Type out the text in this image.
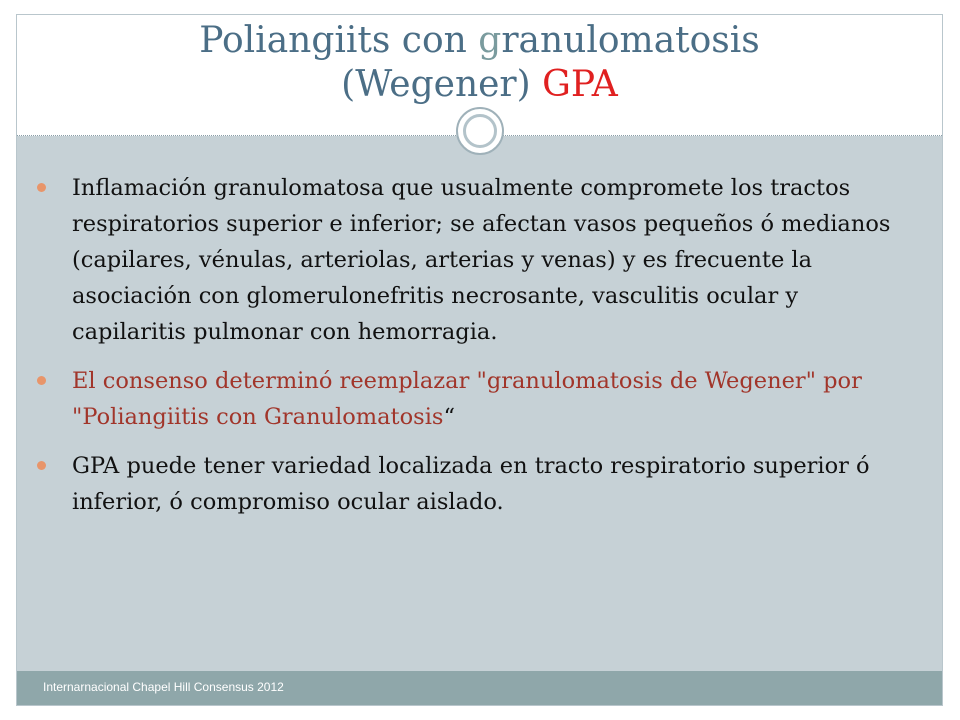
Poliangiits con granulomatosis
(Wegener) GPA
Inflamación granulomatosa que usualmente compromete los tractos respiratorios superior e inferior; se afectan vasos pequeños ó medianos (capilares, vénulas, arteriolas, arterias y venas) y es frecuente la asociación con glomerulonefritis necrosante, vasculitis ocular y capilaritis pulmonar con hemorragia.
El consenso determinó reemplazar "granulomatosis de Wegener" por "Poliangiitis con Granulomatosis“
GPA puede tener variedad localizada en tracto respiratorio superior ó inferior, ó compromiso ocular aislado.
Internarnacional Chapel Hill Consensus 2012
